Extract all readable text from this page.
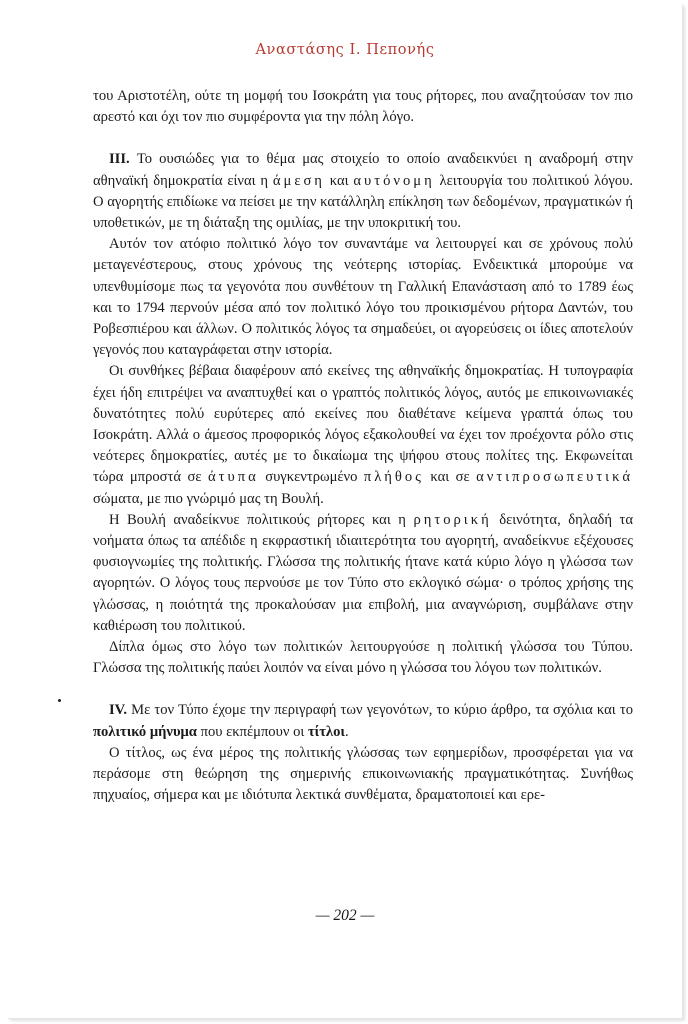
Αναστάσης Ι. Πεπονής

του Αριστοτέλη, ούτε τη μομφή του Ισοκράτη για τους ρήτορες, που αναζητούσαν τον πιο αρεστό και όχι τον πιο συμφέροντα για την πόλη λόγο.

III. Το ουσιώδες για το θέμα μας στοιχείο το οποίο αναδεικνύει η αναδρομή στην αθηναϊκή δημοκρατία είναι η άμεση και αυτόνομη λειτουργία του πολιτικού λόγου. Ο αγορητής επιδίωκε να πείσει με την κατάλληλη επίκληση των δεδομένων, πραγματικών ή υποθετικών, με τη διάταξη της ομιλίας, με την υποκριτική του.

Αυτόν τον ατόφιο πολιτικό λόγο τον συναντάμε να λειτουργεί και σε χρόνους πολύ μεταγενέστερους, στους χρόνους της νεότερης ιστορίας. Ενδεικτικά μπορούμε να υπενθυμίσομε πως τα γεγονότα που συνθέτουν τη Γαλλική Επανάσταση από το 1789 έως και το 1794 περνούν μέσα από τον πολιτικό λόγο του προικισμένου ρήτορα Δαντών, του Ροβεσπιέρου και άλλων. Ο πολιτικός λόγος τα σημαδεύει, οι αγορεύσεις οι ίδιες αποτελούν γεγονός που καταγράφεται στην ιστορία.

Οι συνθήκες βέβαια διαφέρουν από εκείνες της αθηναϊκής δημοκρατίας. Η τυπογραφία έχει ήδη επιτρέψει να αναπτυχθεί και ο γραπτός πολιτικός λόγος, αυτός με επικοινωνιακές δυνατότητες πολύ ευρύτερες από εκείνες που διαθέτανε κείμενα γραπτά όπως του Ισοκράτη. Αλλά ο άμεσος προφορικός λόγος εξακολουθεί να έχει τον προέχοντα ρόλο στις νεότερες δημοκρατίες, αυτές με το δικαίωμα της ψήφου στους πολίτες της. Εκφωνείται τώρα μπροστά σε άτυπα συγκεντρωμένο πλήθος και σε αντιπροσωπευτικά σώματα, με πιο γνώριμό μας τη Βουλή.

Η Βουλή αναδείκνυε πολιτικούς ρήτορες και η ρητορική δεινότητα, δηλαδή τα νοήματα όπως τα απέδιδε η εκφραστική ιδιαιτερότητα του αγορητή, αναδείκνυε εξέχουσες φυσιογνωμίες της πολιτικής. Γλώσσα της πολιτικής ήτανε κατά κύριο λόγο η γλώσσα των αγορητών. Ο λόγος τους περνούσε με τον Τύπο στο εκλογικό σώμα· ο τρόπος χρήσης της γλώσσας, η ποιότητά της προκαλούσαν μια επιβολή, μια αναγνώριση, συμβάλανε στην καθιέρωση του πολιτικού.

Δίπλα όμως στο λόγο των πολιτικών λειτουργούσε η πολιτική γλώσσα του Τύπου. Γλώσσα της πολιτικής παύει λοιπόν να είναι μόνο η γλώσσα του λόγου των πολιτικών.

IV. Με τον Τύπο έχομε την περιγραφή των γεγονότων, το κύριο άρθρο, τα σχόλια και το πολιτικό μήνυμα που εκπέμπουν οι τίτλοι.

Ο τίτλος, ως ένα μέρος της πολιτικής γλώσσας των εφημερίδων, προσφέρεται για να περάσομε στη θεώρηση της σημερινής επικοινωνιακής πραγματικότητας. Συνήθως πηχυαίος, σήμερα και με ιδιότυπα λεκτικά συνθέματα, δραματοποιεί και ερε-

— 202 —
